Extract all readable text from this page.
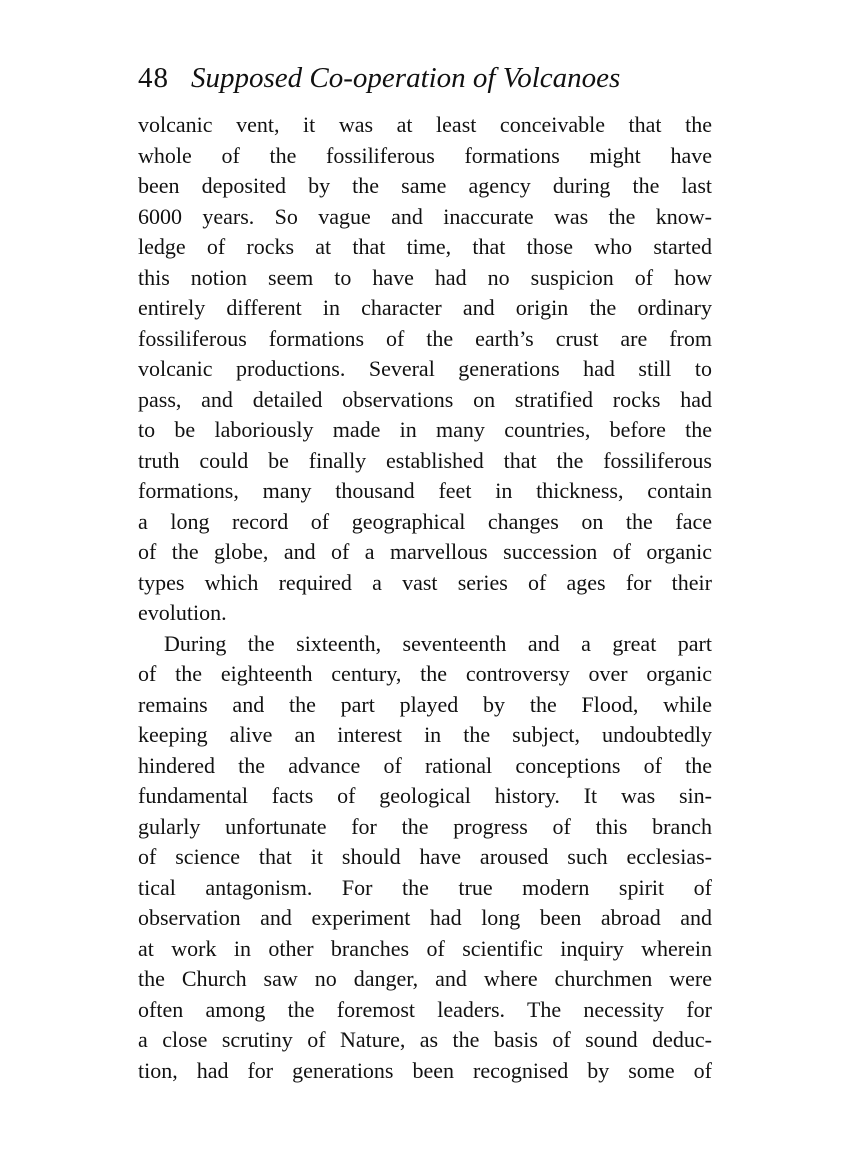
48 Supposed Co-operation of Volcanoes
volcanic vent, it was at least conceivable that the
whole of the fossiliferous formations might have
been deposited by the same agency during the last
6000 years. So vague and inaccurate was the know-
ledge of rocks at that time, that those who started
this notion seem to have had no suspicion of how
entirely different in character and origin the ordinary
fossiliferous formations of the earth’s crust are from
volcanic productions. Several generations had still to
pass, and detailed observations on stratified rocks had
to be laboriously made in many countries, before the
truth could be finally established that the fossiliferous
formations, many thousand feet in thickness, contain
a long record of geographical changes on the face
of the globe, and of a marvellous succession of organic
types which required a vast series of ages for their
evolution.
During the sixteenth, seventeenth and a great part
of the eighteenth century, the controversy over organic
remains and the part played by the Flood, while
keeping alive an interest in the subject, undoubtedly
hindered the advance of rational conceptions of the
fundamental facts of geological history. It was sin-
gularly unfortunate for the progress of this branch
of science that it should have aroused such ecclesias-
tical antagonism. For the true modern spirit of
observation and experiment had long been abroad and
at work in other branches of scientific inquiry wherein
the Church saw no danger, and where churchmen were
often among the foremost leaders. The necessity for
a close scrutiny of Nature, as the basis of sound deduc-
tion, had for generations been recognised by some of
